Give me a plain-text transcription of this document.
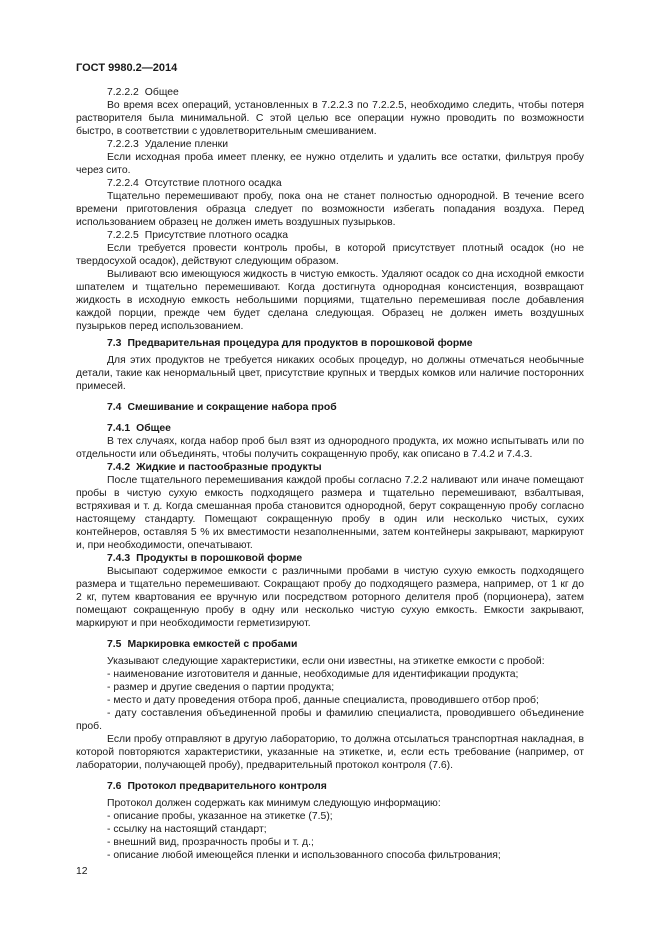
ГОСТ 9980.2—2014
7.2.2.2 Общее

Во время всех операций, установленных в 7.2.2.3 по 7.2.2.5, необходимо следить, чтобы потеря растворителя была минимальной. С этой целью все операции нужно проводить по возможности быстро, в соответствии с удовлетворительным смешиванием.

7.2.2.3 Удаление пленки

Если исходная проба имеет пленку, ее нужно отделить и удалить все остатки, фильтруя пробу через сито.

7.2.2.4 Отсутствие плотного осадка

Тщательно перемешивают пробу, пока она не станет полностью однородной. В течение всего времени приготовления образца следует по возможности избегать попадания воздуха. Перед использованием образец не должен иметь воздушных пузырьков.

7.2.2.5 Присутствие плотного осадка

Если требуется провести контроль пробы, в которой присутствует плотный осадок (но не твердосухой осадок), действуют следующим образом.

Выливают всю имеющуюся жидкость в чистую емкость. Удаляют осадок со дна исходной емкости шпателем и тщательно перемешивают. Когда достигнута однородная консистенция, возвращают жидкость в исходную емкость небольшими порциями, тщательно перемешивая после добавления каждой порции, прежде чем будет сделана следующая. Образец не должен иметь воздушных пузырьков перед использованием.

7.3 Предварительная процедура для продуктов в порошковой форме

Для этих продуктов не требуется никаких особых процедур, но должны отмечаться необычные детали, такие как ненормальный цвет, присутствие крупных и твердых комков или наличие посторонних примесей.

7.4 Смешивание и сокращение набора проб
7.4.1 Общее

В тех случаях, когда набор проб был взят из однородного продукта, их можно испытывать или по отдельности или объединять, чтобы получить сокращенную пробу, как описано в 7.4.2 и 7.4.3.

7.4.2 Жидкие и пастообразные продукты

После тщательного перемешивания каждой пробы согласно 7.2.2 наливают или иначе помещают пробы в чистую сухую емкость подходящего размера и тщательно перемешивают, взбалтывая, встряхивая и т. д. Когда смешанная проба становится однородной, берут сокращенную пробу согласно настоящему стандарту. Помещают сокращенную пробу в один или несколько чистых, сухих контейнеров, оставляя 5 % их вместимости незаполненными, затем контейнеры закрывают, маркируют и, при необходимости, опечатывают.

7.4.3 Продукты в порошковой форме

Высыпают содержимое емкости с различными пробами в чистую сухую емкость подходящего размера и тщательно перемешивают. Сокращают пробу до подходящего размера, например, от 1 кг до 2 кг, путем квартования ее вручную или посредством роторного делителя проб (порционера), затем помещают сокращенную пробу в одну или несколько чистую сухую емкость. Емкости закрывают, маркируют и при необходимости герметизируют.

7.5 Маркировка емкостей с пробами

Указывают следующие характеристики, если они известны, на этикетке емкости с пробой:

- наименование изготовителя и данные, необходимые для идентификации продукта;

- размер и другие сведения о партии продукта;

- место и дату проведения отбора проб, данные специалиста, проводившего отбор проб;

- дату составления объединенной пробы и фамилию специалиста, проводившего объединение проб.

Если пробу отправляют в другую лабораторию, то должна отсылаться транспортная накладная, в которой повторяются характеристики, указанные на этикетке, и, если есть требование (например, от лаборатории, получающей пробу), предварительный протокол контроля (7.6).

7.6 Протокол предварительного контроля

Протокол должен содержать как минимум следующую информацию:

- описание пробы, указанное на этикетке (7.5);

- ссылку на настоящий стандарт;

- внешний вид, прозрачность пробы и т. д.;

- описание любой имеющейся пленки и использованного способа фильтрования;

12
